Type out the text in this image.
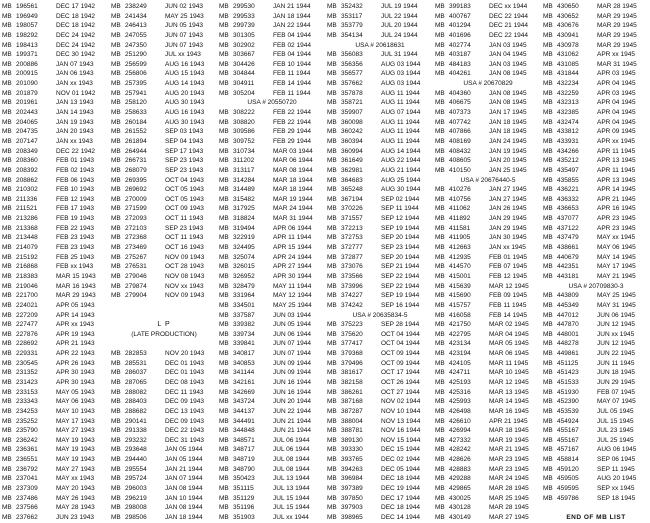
MB 196561	DEC 17 1942
MB 196949	DEC 18 1942
MB 198057	DEC 18 1942
MB 198292	DEC 24 1942
MB 198413	DEC 24 1942
MB 199371	DEC 30 1942
MB 200886	JAN 07 1943
MB 200915	JAN 06 1943
MB 201090	JAN xx 1943
MB 201879	NOV 01 1942
MB 201961	JAN 13 1943
MB 202443	JAN 14 1943
MB 204065	JAN 19 1943
MB 204735	JAN 20 1943
MB 207147	JAN xx 1943
MB 208349	DEC 22 1942
MB 208360	FEB 01 1943
MB 208392	FEB 02 1943
MB 208862	FEB 06 1943
MB 210302	FEB 10 1943
MB 211336	FEB 12 1943
MB 211521	FEB 17 1943
MB 213286	FEB 19 1943
MB 213368	FEB 22 1943
MB 213448	FEB 23 1943
MB 214079	FEB 23 1943
MB 215192	FEB 25 1943
MB 216868	FEB xx 1943
MB 218383	MAR 15 1943
MB 219046	MAR 16 1943
MB 221700	MAR 29 1943
MB 224021	APR 05 1943
MB 227209	APR 14 1943
MB 227477	APR xx 1943
MB 227876	APR 19 1943
MB 228692	APR 21 1943
MB 229331	APR 22 1943
MB 230545	APR 26 1943
MB 231352	APR 30 1943
MB 231423	APR 30 1943
MB 233153	MAY 05 1943
MB 233343	MAY 06 1943
MB 234253	MAY 10 1943
MB 235252	MAY 17 1943
MB 235790	MAY 27 1943
MB 236242	MAY 19 1943
MB 236361	MAY 19 1943
MB 236551	MAY 19 1943
MB 236792	MAY 27 1943
MB 237041	MAY xx 1943
MB 237309	MAY 20 1943
MB 237486	MAY 26 1943
MB 237566	MAY 28 1943
MB 237662	JUN 23 1943
MB 238249	JUN 02 1943
MB 241434	MAY 25 1943
MB 246413	JUN 05 1943
MB 247055	JUN 07 1943
MB 247350	JUN 07 1943
MB 251290	JUL xx 1943
MB 256599	AUG 16 1943
MB 256806	AUG 15 1943
MB 257395	AUG 14 1943
MB 257941	AUG 20 1943
MB 258120	AUG 30 1943
MB 258633	AUG 16 1943
MB 260184	AUG 30 1943
MB 261552	SEP 03 1943
MB 261894	SEP 04 1943
MB 264944	SEP 17 1943
MB 266731	SEP 23 1943
MB 268079	SEP 23 1943
MB 269395	OCT 04 1943
MB 269692	OCT 05 1943
MB 270009	OCT 05 1943
MB 271599	OCT 09 1943
MB 272093	OCT 11 1943
MB 272103	SEP 23 1943
MB 272368	OCT 11 1943
MB 273469	OCT 16 1943
MB 275267	NOV 09 1943
MB 276531	OCT 28 1943
MB 279046	NOV 08 1943
MB 279874	NOV xx 1943
MB 279904	NOV 09 1943
L P
(LATE PRODUCTION)
MB 282853	NOV 20 1943
MB 285531	DEC 01 1943
MB 286037	DEC 01 1943
MB 287065	DEC 08 1943
MB 288082	DEC 11 1943
MB 288403	DEC 09 1943
MB 288682	DEC 13 1943
MB 290141	DEC 09 1943
MB 291338	DEC 22 1943
MB 293232	DEC 31 1943
MB 293648	JAN 05 1944
MB 294440	JAN 05 1944
MB 295554	JAN 21 1944
MB 295724	JAN 07 1944
MB 296003	JAN 08 1944
MB 296219	JAN 10 1944
MB 298008	JAN 08 1944
MB 298506	JAN 18 1944
MB 299530	JAN 21 1944
MB 299533	JAN 18 1944
MB 299739	JAN 22 1944
MB 301305	FEB 04 1944
MB 302902	FEB 02 1944
MB 303667	FEB 04 1944
MB 304426	FEB 10 1944
MB 304844	FEB 11 1944
MB 304911	FEB 14 1944
MB 305204	FEB 11 1944
USA # 20550720
MB 308222	FEB 22 1944
MB 308820	FEB 22 1944
MB 309586	FEB 29 1944
MB 309752	FEB 29 1944
MB 310734	MAR 03 1944
MB 311202	MAR 06 1944
MB 313117	MAR 08 1944
MB 314284	MAR 18 1944
MB 314489	MAR 18 1944
MB 315482	MAR 19 1944
MB 317925	MAR 24 1944
MB 318824	MAR 31 1944
MB 319494	APR 06 1944
MB 322919	APR 11 1944
MB 324495	APR 15 1944
MB 325074	APR 24 1944
MB 326015	APR 27 1944
MB 326952	APR 30 1944
MB 328479	MAY 11 1944
MB 331964	MAY 12 1944
MB 334501	MAY 25 1944
MB 337587	JUN 03 1944
MB 339382	JUN 05 1944
MB 339734	JUN 06 1944
MB 339841	JUN 07 1944
MB 340817	JUN 07 1944
MB 340853	JUN 09 1944
MB 341144	JUN 09 1944
MB 342161	JUN 16 1944
MB 342669	JUN 16 1944
MB 343724	JUN 20 1944
MB 344137	JUN 22 1944
MB 344491	JUN 21 1944
MB 344848	JUN 21 1944
MB 348571	JUL 06 1944
MB 348717	JUL 06 1944
MB 348719	JUL 08 1944
MB 348790	JUL 08 1944
MB 350423	JUL 13 1944
MB 351115	JUL 13 1944
MB 351129	JUL 15 1944
MB 351196	JUL 15 1944
MB 351903	JUL xx 1944
MB 352432	JUL 19 1944
MB 353117	JUL 22 1944
MB 353779	JUL 20 1944
MB 354134	JUL 24 1944
USA # 20618631
MB 356083	JUL 31 1944
MB 356356	AUG 03 1944
MB 356577	AUG 03 1944
MB 357662	AUG 03 1944
MB 357878	AUG 11 1944
MB 358721	AUG 11 1944
MB 359907	AUG 07 1944
MB 360098	AUG 11 1944
MB 360242	AUG 11 1944
MB 360394	AUG 11 1944
MB 360994	AUG 14 1944
MB 361649	AUG 22 1944
MB 362981	AUG 21 1944
MB 364683	AUG 25 1944
MB 365248	AUG 30 1944
MB 367194	SEP 02 1944
MB 370226	SEP 11 1944
MB 371557	SEP 12 1944
MB 372213	SEP 19 1944
MB 372753	SEP 20 1944
MB 372777	SEP 23 1944
MB 372877	SEP 20 1944
MB 373076	SEP 21 1944
MB 373566	SEP 22 1944
MB 373996	SEP 22 1944
MB 374227	SEP 19 1944
MB 374242	SEP 16 1944
USA # 20635834-5
MB 375223	SEP 28 1944
MB 375620	OCT 04 1944
MB 377417	OCT 04 1944
MB 379368	OCT 09 1944
MB 379496	OCT 09 1944
MB 381617	OCT 17 1944
MB 382158	OCT 26 1944
MB 386261	OCT 27 1944
MB 387168	NOV 02 1944
MB 387287	NOV 10 1944
MB 388004	NOV 13 1944
MB 388781	NOV 16 1944
MB 389130	NOV 15 1944
MB 393330	DEC 15 1944
MB 393765	DEC 02 1944
MB 394263	DEC 05 1944
MB 396984	DEC 18 1944
MB 397389	DEC 19 1944
MB 397850	DEC 17 1944
MB 397903	DEC 18 1944
MB 398965	DEC 14 1944
MB 399183	DEC xx 1944
MB 400767	DEC 22 1944
MB 401294	DEC 21 1944
MB 401696	DEC 22 1944
MB 402774	JAN 03 1945
MB 403187	JAN 04 1945
MB 484183	JAN 03 1945
MB 404261	JAN 08 1945
USA # 20670829
MB 404360	JAN 08 1945
MB 406675	JAN 08 1945
MB 407373	JAN 17 1945
MB 407742	JAN 18 1945
MB 407866	JAN 18 1945
MB 408169	JAN 24 1945
MB 408432	JAN 19 1945
MB 408605	JAN 20 1945
MB 410150	JAN 25 1945
USA # 20676440-5
MB 410276	JAN 27 1945
MB 410756	JAN 27 1945
MB 411062	JAN 26 1945
MB 411892	JAN 29 1945
MB 411581	JAN 29 1945
MB 411905	JAN 30 1945
MB 412663	JAN xx 1945
MB 412935	FEB 01 1945
MB 414570	FEB 07 1945
MB 415001	FEB 12 1945
MB 415639	MAR 12 1945
MB 415690	FEB 09 1945
MB 415757	FEB 11 1945
MB 416058	FEB 14 1945
MB 421750	MAR 02 1945
MB 422795	MAR 04 1945
MB 423134	MAR 05 1945
MB 423194	MAR 06 1945
MB 424105	MAR 11 1945
MB 424711	MAR 10 1945
MB 425193	MAR 12 1945
MB 425316	MAR 13 1945
MB 425993	MAR 14 1945
MB 426498	MAR 16 1945
MB 426610	APR 21 1945
MB 426994	MAR 18 1945
MB 427332	MAR 19 1945
MB 428242	MAR 21 1945
MB 428626	MAR 23 1945
MB 428883	MAR 23 1945
MB 429288	MAR 24 1945
MB 429865	MAR 28 1945
MB 430025	MAR 25 1945
MB 430128	MAR 28 1945
MB 430149	MAR 27 1945
MB 430650	MAR 28 1945
MB 430652	MAR 29 1945
MB 430676	MAR 29 1945
MB 430941	MAR 29 1945
MB 430978	MAR 29 1945
MB 431062	APR xx 1945
MB 431085	MAR 31 1945
MB 431844	APR 03 1945
MB 432234	APR 04 1945
MB 432259	APR 03 1945
MB 432313	APR 04 1945
MB 432385	APR 04 1945
MB 432474	APR 04 1945
MB 433812	APR 09 1945
MB 433931	APR xx 1945
MB 434266	APR 11 1945
MB 435212	APR 13 1945
MB 435497	APR 11 1945
MB 435855	APR 13 1945
MB 436221	APR 14 1945
MB 436332	APR 21 1945
MB 436653	APR 16 1945
MB 437077	APR 23 1945
MB 437122	APR 23 1945
MB 437479	MAY xx 1945
MB 438661	MAY 06 1945
MB 440679	MAY 14 1945
MB 442351	MAY 17 1945
MB 443181	MAY 21 1945
USA # 20709830-3
MB 443809	MAY 25 1945
MB 445349	MAY 31 1945
MB 447012	JUN 06 1945
MB 447870	JUN 12 1945
MB 448001	JUN xx 1945
MB 448278	JUN 12 1945
MB 449861	JUN 22 1945
MB 451125	JUN 11 1945
MB 451423	JUN 18 1945
MB 451533	JUN 29 1945
MB 451930	FEB 07 1945
MB 452390	MAY 07 1945
MB 453539	JUL 05 1945
MB 454924	JUL 15 1945
MB 455167	JUL 23 1945
MB 455167	JUL 25 1945
MB 457167	AUG 06 1945
MB 458814	SEP 06 1945
MB 459120	SEP 11 1945
MB 459505	AUG 20 1945
MB 459595	SEP xx 1945
MB 459786	SEP 18 1945
END OF MB LIST
